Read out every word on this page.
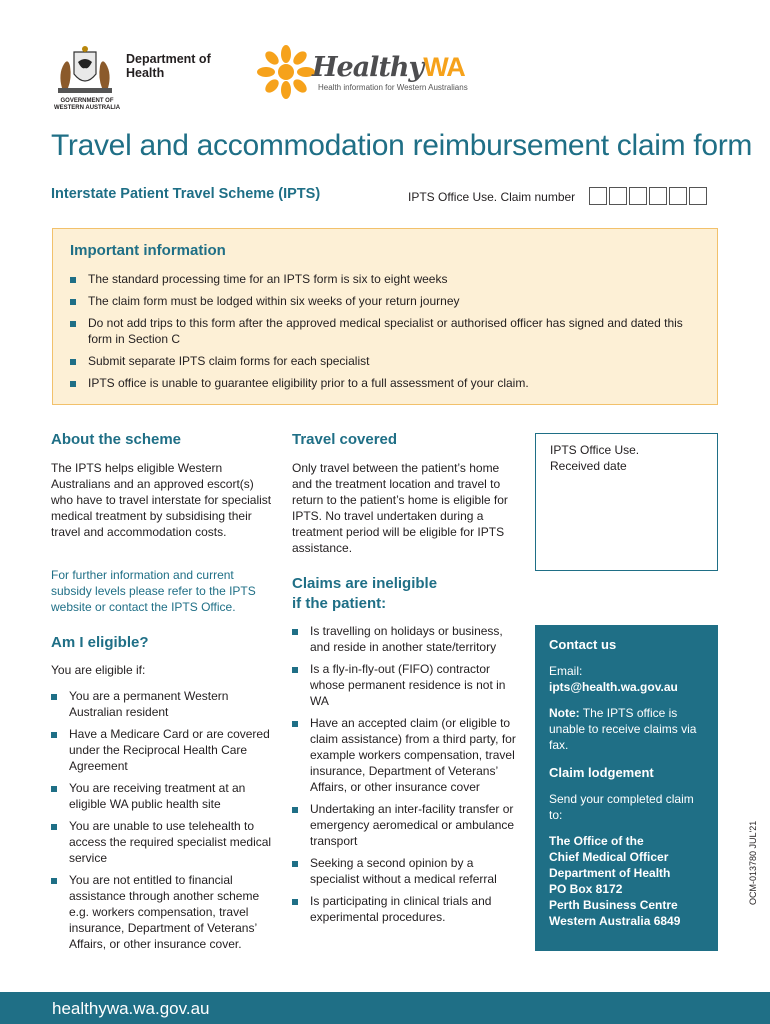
Department of
Health
GOVERNMENT OF
WESTERN AUSTRALIA
HealthyWA
Health information for Western Australians
Travel and accommodation reimbursement claim form
Interstate Patient Travel Scheme (IPTS)	IPTS Office Use. Claim number
Important information
The standard processing time for an IPTS form is six to eight weeks
The claim form must be lodged within six weeks of your return journey
Do not add trips to this form after the approved medical specialist or authorised officer has signed and dated this form in Section C
Submit separate IPTS claim forms for each specialist
IPTS office is unable to guarantee eligibility prior to a full assessment of your claim.
About the scheme
The IPTS helps eligible Western Australians and an approved escort(s) who have to travel interstate for specialist medical treatment by subsidising their travel and accommodation costs.
For further information and current subsidy levels please refer to the IPTS website or contact the IPTS Office.
Am I eligible?
You are eligible if:
You are a permanent Western Australian resident
Have a Medicare Card or are covered under the Reciprocal Health Care Agreement
You are receiving treatment at an eligible WA public health site
You are unable to use telehealth to access the required specialist medical service
You are not entitled to financial assistance through another scheme e.g. workers compensation, travel insurance, Department of Veterans’ Affairs, or other insurance cover.
Travel covered
Only travel between the patient’s home and the treatment location and travel to return to the patient’s home is eligible for IPTS. No travel undertaken during a treatment period will be eligible for IPTS assistance.
Claims are ineligible
if the patient:
Is travelling on holidays or business, and reside in another state/territory
Is a fly-in-fly-out (FIFO) contractor whose permanent residence is not in WA
Have an accepted claim (or eligible to claim assistance) from a third party, for example workers compensation, travel insurance, Department of Veterans’ Affairs, or other insurance cover
Undertaking an inter-facility transfer or emergency aeromedical or ambulance transport
Seeking a second opinion by a specialist without a medical referral
Is participating in clinical trials and experimental procedures.
IPTS Office Use.
Received date
Contact us
Email:
ipts@health.wa.gov.au
Note: The IPTS office is unable to receive claims via fax.
Claim lodgement
Send your completed claim to:
The Office of the
Chief Medical Officer
Department of Health
PO Box 8172
Perth Business Centre
Western Australia 6849
OCM-013780 JUL'21
healthywa.wa.gov.au
